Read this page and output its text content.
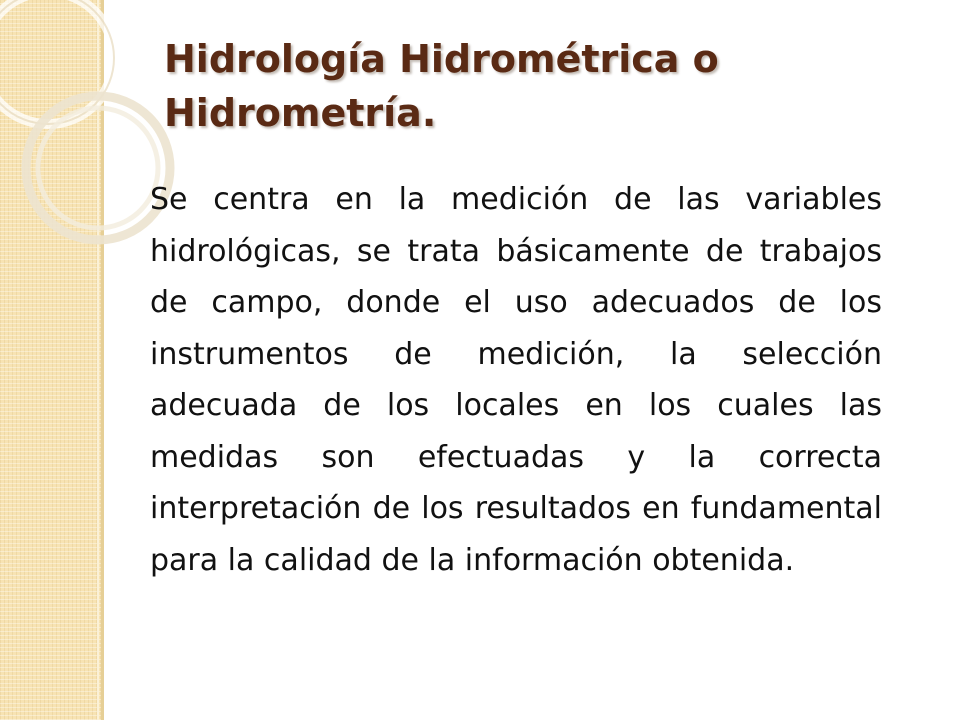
Hidrología Hidrométrica o Hidrometría.

Se centra en la medición de las variables hidrológicas, se trata básicamente de trabajos de campo, donde el uso adecuados de los instrumentos de medición, la selección adecuada de los locales en los cuales las medidas son efectuadas y la correcta interpretación de los resultados en fundamental para la calidad de la información obtenida.
